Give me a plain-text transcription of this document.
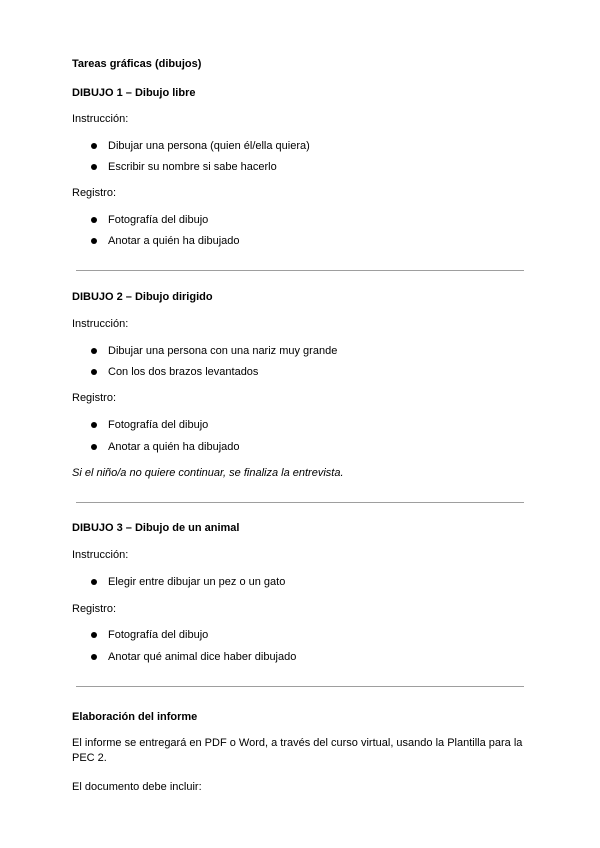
Tareas gráficas (dibujos)

DIBUJO 1 – Dibujo libre

Instrucción:

Dibujar una persona (quien él/ella quiera)

Escribir su nombre si sabe hacerlo

Registro:

Fotografía del dibujo

Anotar a quién ha dibujado

DIBUJO 2 – Dibujo dirigido

Instrucción:

Dibujar una persona con una nariz muy grande

Con los dos brazos levantados

Registro:

Fotografía del dibujo

Anotar a quién ha dibujado

Si el niño/a no quiere continuar, se finaliza la entrevista.

DIBUJO 3 – Dibujo de un animal

Instrucción:

Elegir entre dibujar un pez o un gato

Registro:

Fotografía del dibujo

Anotar qué animal dice haber dibujado

Elaboración del informe

El informe se entregará en PDF o Word, a través del curso virtual, usando la Plantilla para la PEC 2.

El documento debe incluir:
